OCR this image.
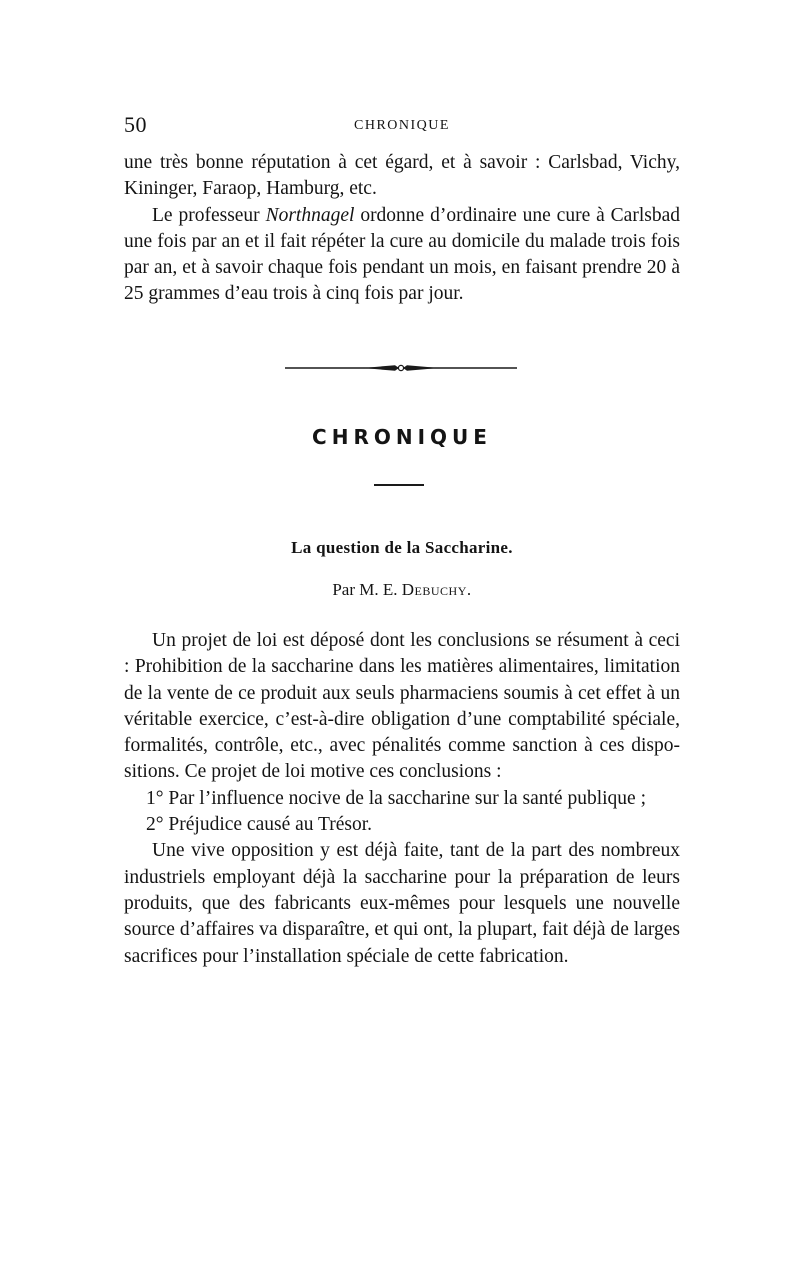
50	CHRONIQUE

une très bonne réputation à cet égard, et à savoir : Carlsbad, Vichy, Kininger, Faraop, Hamburg, etc.

Le professeur Northnagel ordonne d’ordinaire une cure à Carlsbad une fois par an et il fait répéter la cure au domicile du malade trois fois par an, et à savoir chaque fois pendant un mois, en faisant prendre 20 à 25 grammes d’eau trois à cinq fois par jour.

CHRONIQUE
La question de la Saccharine.
Par M. E. Debuchy.

Un projet de loi est déposé dont les conclusions se résument à ceci : Prohibition de la saccharine dans les matières alimentaires, limitation de la vente de ce produit aux seuls pharmaciens soumis à cet effet à un véritable exercice, c’est-à-dire obligation d’une comptabilité spéciale, formalités, contrôle, etc., avec pénalités comme sanction à ces dispositions. Ce projet de loi motive ces conclusions :

1° Par l’influence nocive de la saccharine sur la santé publique ;

2° Préjudice causé au Trésor.

Une vive opposition y est déjà faite, tant de la part des nombreux industriels employant déjà la saccharine pour la préparation de leurs produits, que des fabricants eux-mêmes pour lesquels une nouvelle source d’affaires va disparaître, et qui ont, la plupart, fait déjà de larges sacrifices pour l’installation spéciale de cette fabrication.
